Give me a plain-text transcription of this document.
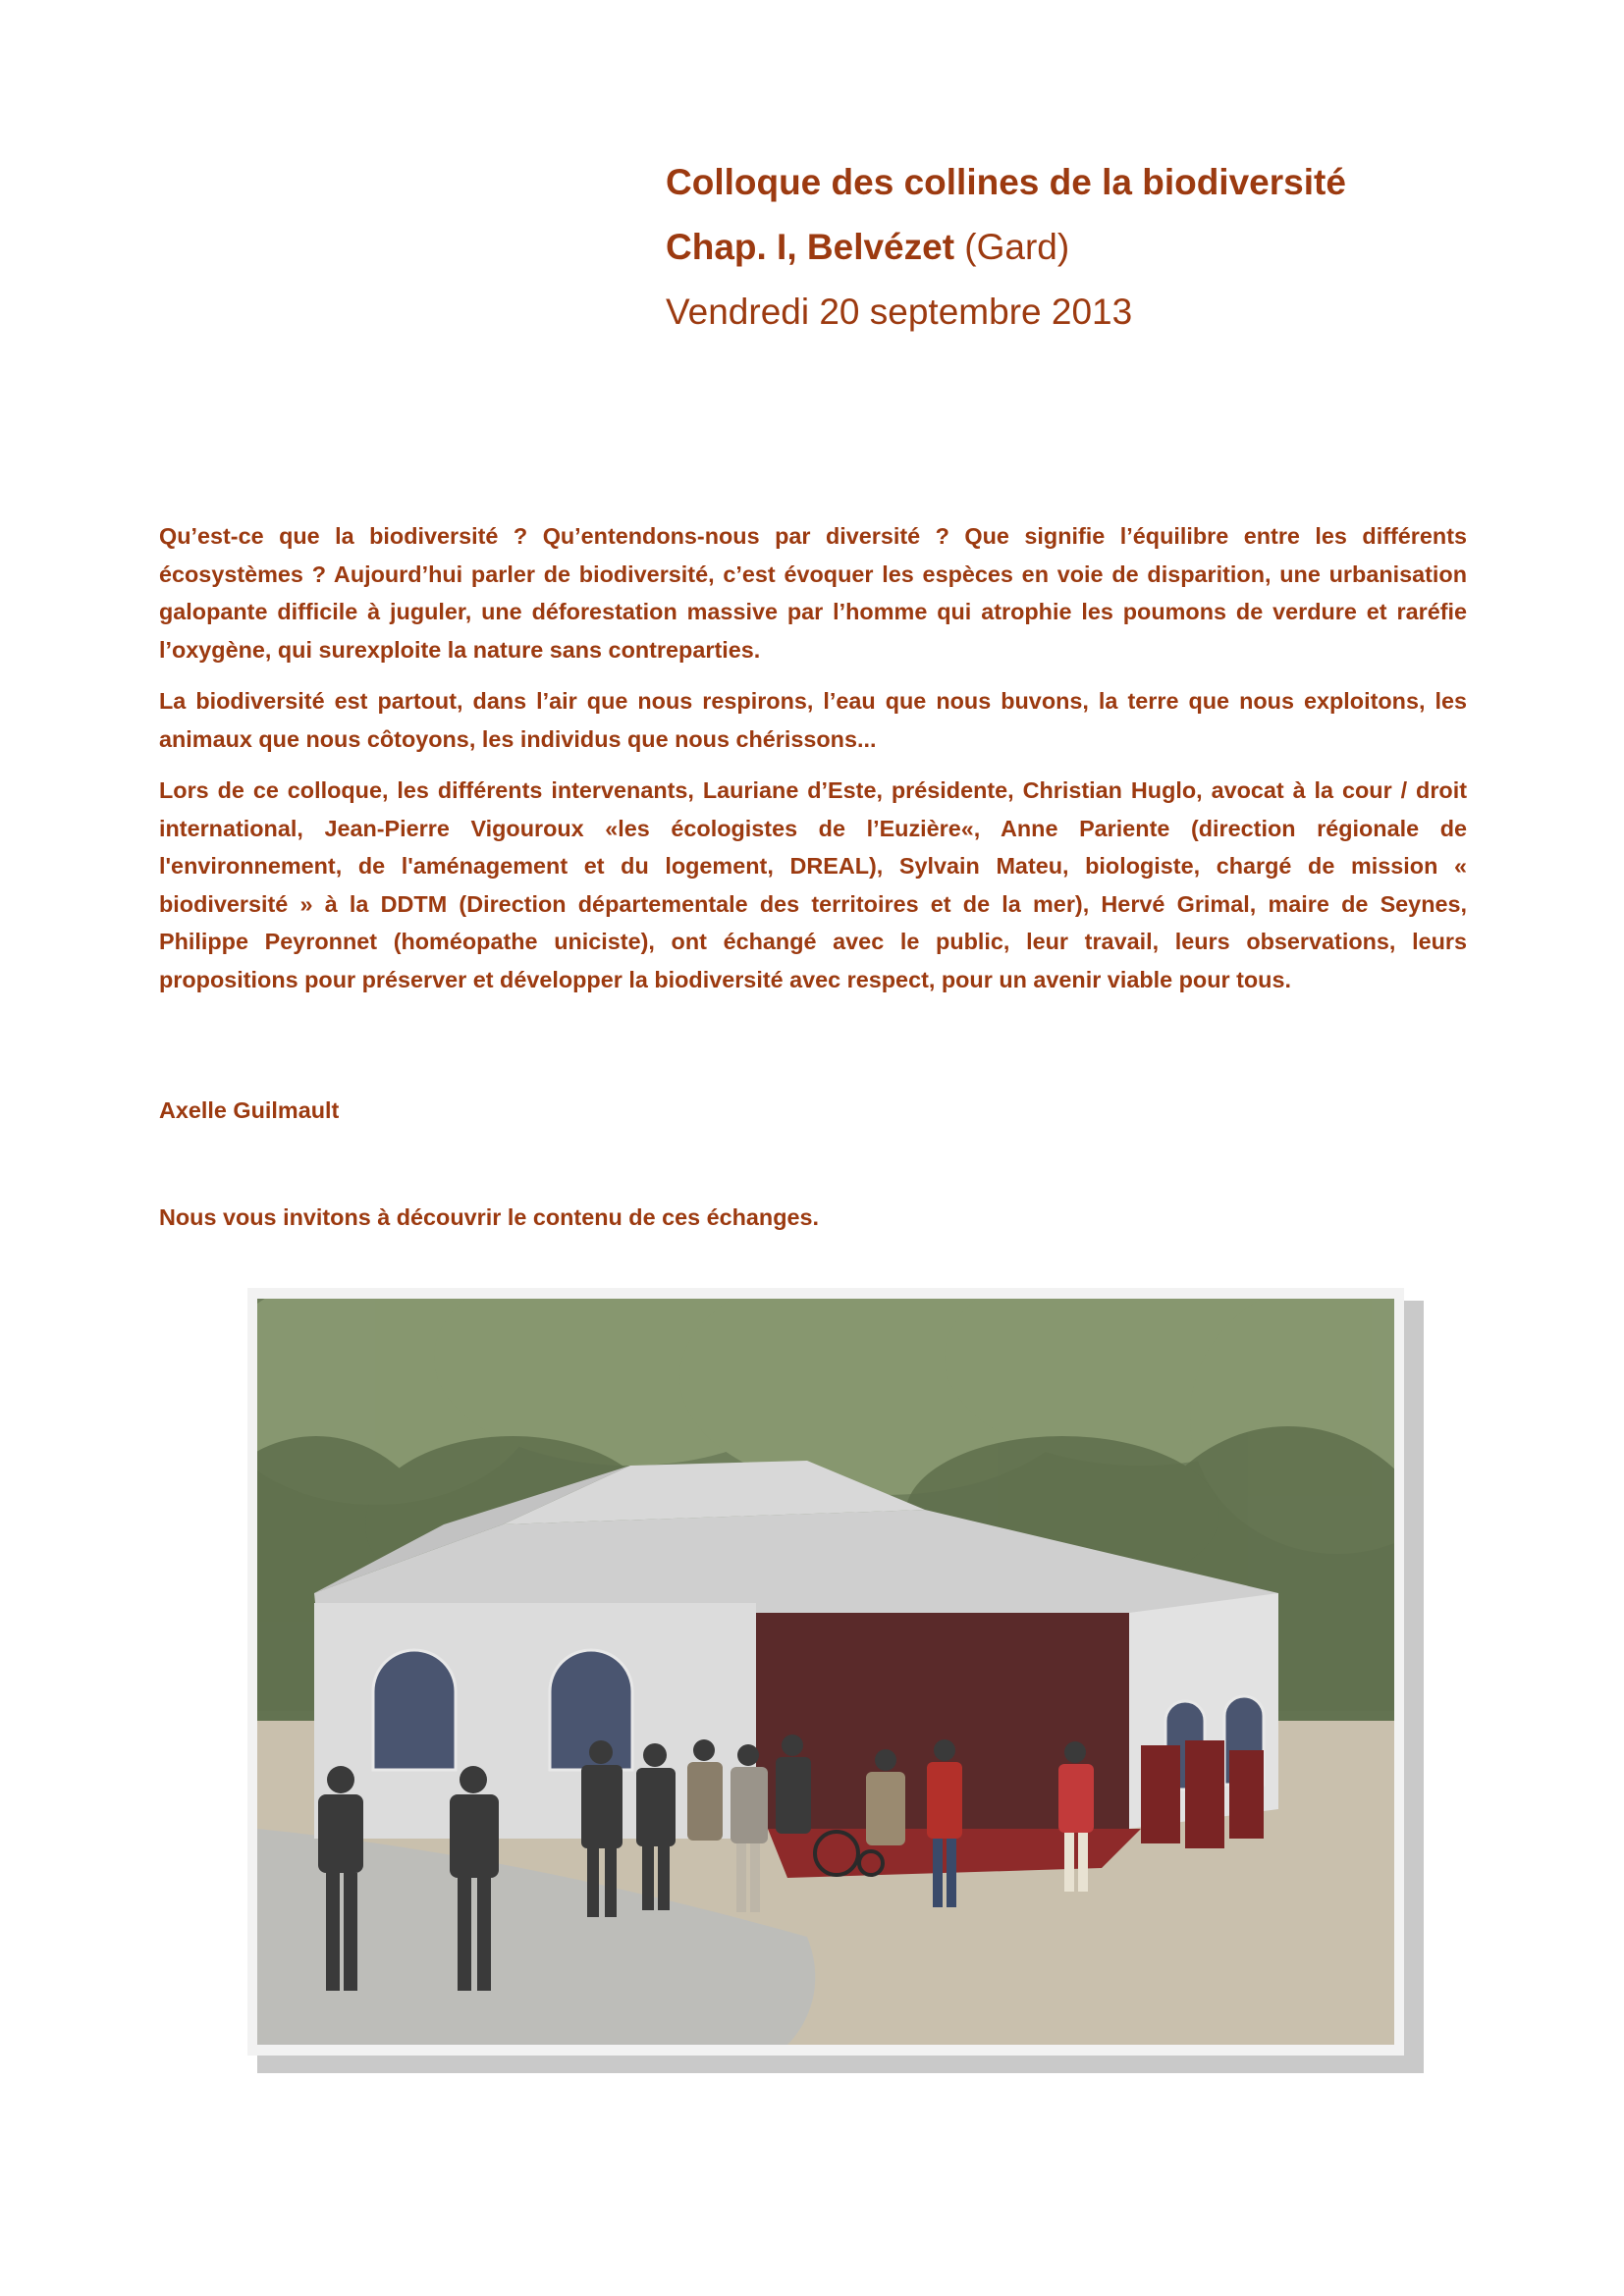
Colloque des collines de la biodiversité

Chap. I, Belvézet (Gard)

Vendredi 20 septembre 2013

Qu’est-ce que la biodiversité ? Qu’entendons-nous par diversité ? Que signifie l’équilibre entre les différents écosystèmes ? Aujourd’hui parler de biodiversité, c’est évoquer les espèces en voie de disparition, une urbanisation galopante difficile à juguler, une déforestation massive par l’homme qui atrophie les poumons de verdure et raréfie l’oxygène, qui surexploite la nature sans contreparties.

La biodiversité est partout, dans l’air que nous respirons, l’eau que nous buvons, la terre que nous exploitons, les animaux que nous côtoyons, les individus que nous chérissons...

Lors de ce colloque, les différents intervenants, Lauriane d’Este, présidente, Christian Huglo, avocat à la cour / droit international, Jean-Pierre Vigouroux «les écologistes de l’Euzière«, Anne Pariente (direction régionale de l'environnement, de l'aménagement et du logement, DREAL), Sylvain Mateu, biologiste, chargé de mission « biodiversité » à la DDTM (Direction départementale des territoires et de la mer), Hervé Grimal, maire de Seynes, Philippe Peyronnet (homéopathe uniciste), ont échangé avec le public, leur travail, leurs observations, leurs propositions pour préserver et développer la biodiversité avec respect, pour un avenir viable pour tous.

Axelle Guilmault
Nous vous invitons à découvrir le contenu de ces échanges.
